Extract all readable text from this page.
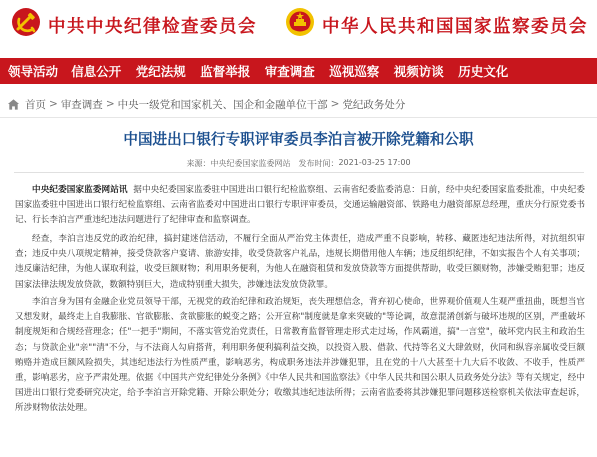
中共中央纪律检查委员会	中华人民共和国国家监察委员会
领导活动	信息公开	党纪法规	监督举报	审查调查	巡视巡察	视频访谈	历史文化
首页 > 审查调查 > 中央一级党和国家机关、国企和金融单位干部 > 党纪政务处分
中国进出口银行专职评审委员李泊言被开除党籍和公职
来源： 中央纪委国家监委网站 发布时间： 2021-03-25 17:00

中央纪委国家监委网站讯 据中央纪委国家监委驻中国进出口银行纪检监察组、云南省纪委监委消息：日前，经中央纪委国家监委批准，中央纪委国家监委驻中国进出口银行纪检监察组、云南省监委对中国进出口银行专职评审委员，交通运输融资部、铁路电力融资部原总经理，重庆分行原党委书记、行长李泊言严重违纪违法问题进行了纪律审查和监察调查。

经查，李泊言违反党的政治纪律，搞封建迷信活动，不履行全面从严治党主体责任，造成严重不良影响，转移、藏匿违纪违法所得，对抗组织审查；违反中央八项规定精神，接受贷款客户宴请、旅游安排，收受贷款客户礼品，违规长期借用他人车辆；违反组织纪律，不如实报告个人有关事项；违反廉洁纪律，为他人谋取利益，收受巨额财物；利用职务便利，为他人在融资租赁和发放贷款等方面提供帮助，收受巨额财物，涉嫌受贿犯罪；违反国家法律法规发放贷款，数额特别巨大，造成特别重大损失，涉嫌违法发放贷款罪。

李泊言身为国有金融企业党员领导干部，无视党的政治纪律和政治规矩，丧失理想信念，背弃初心使命，世界观价值观人生观严重扭曲，既想当官又想发财，最终走上自我膨胀、官欲膨胀、贪欲膨胀的蜕变之路；公开宣称"制度就是拿来突破的"等论调，故意混淆创新与破坏违规的区别，严重破坏制度规矩和合规经营理念；任"一把手"期间，不落实管党治党责任，日常教育监督管理走形式走过场，作风霸道，搞"一言堂"，破坏党内民主和政治生态；与贷款企业"亲""清"不分，与不法商人勾肩搭背，利用职务便利搞利益交换，以投资入股、借款、代持等名义大肆敛财，伙同和纵容亲属收受巨额贿赂并造成巨额风险损失，其违纪违法行为性质严重，影响恶劣，构成职务违法并涉嫌犯罪，且在党的十八大甚至十九大后不收敛、不收手，性质严重，影响恶劣，应予严肃处理。依据《中国共产党纪律处分条例》《中华人民共和国监察法》《中华人民共和国公职人员政务处分法》等有关规定，经中国进出口银行党委研究决定，给予李泊言开除党籍、开除公职处分；收缴其违纪违法所得；云南省监委将其涉嫌犯罪问题移送检察机关依法审查起诉，所涉财物依法处理。
